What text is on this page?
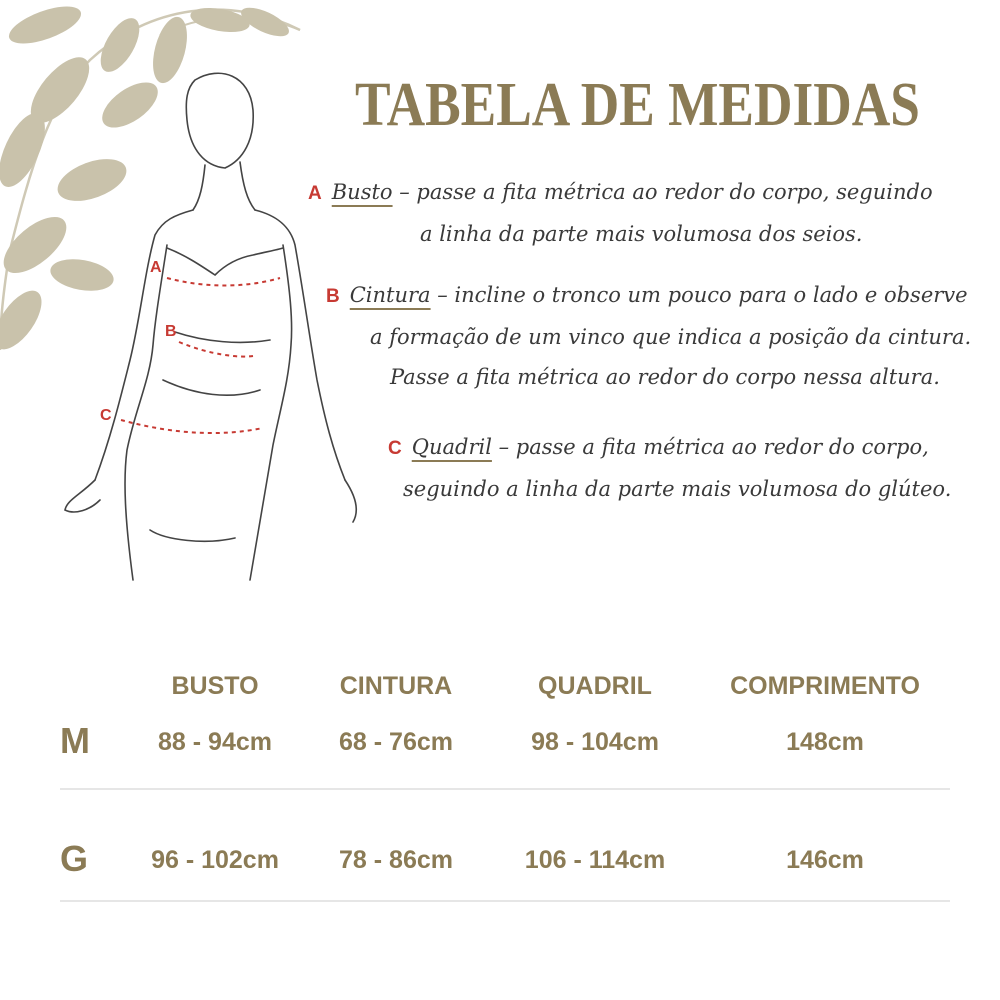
A
B
C
TABELA DE MEDIDAS
A Busto – passe a fita métrica ao redor do corpo, seguindo
a linha da parte mais volumosa dos seios.
B Cintura – incline o tronco um pouco para o lado e observe
a formação de um vinco que indica a posição da cintura.
Passe a fita métrica ao redor do corpo nessa altura.
C Quadril – passe a fita métrica ao redor do corpo,
seguindo a linha da parte mais volumosa do glúteo.
BUSTO	CINTURA	QUADRIL	COMPRIMENTO
M	88 - 94cm	68 - 76cm	98 - 104cm	148cm
G	96 - 102cm	78 - 86cm	106 - 114cm	146cm
